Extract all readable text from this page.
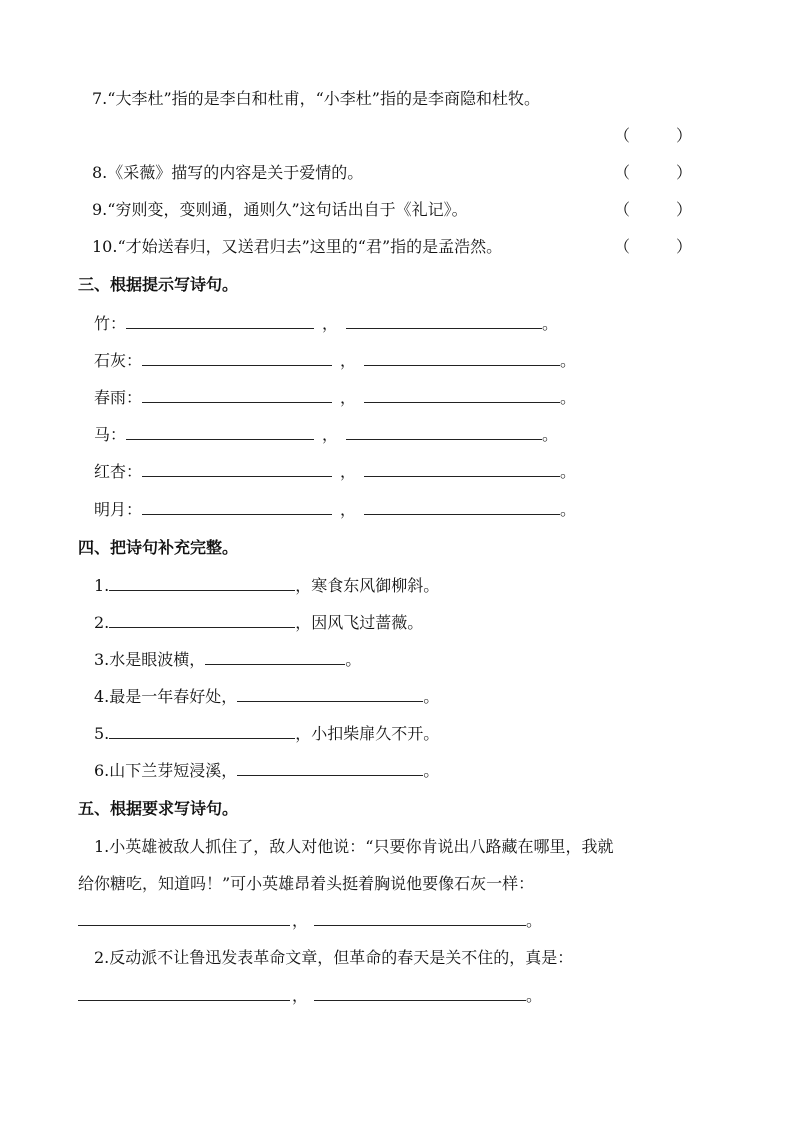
7.“大李杜”指的是李白和杜甫，“小李杜”指的是李商隐和杜牧。
（	）
8.《采薇》描写的内容是关于爱情的。	（	）
9.“穷则变，变则通，通则久”这句话出自于《礼记》。	（	）
10.“才始送春归，又送君归去”这里的“君”指的是孟浩然。	（	）
三、根据提示写诗句。
竹：	，	。
石灰：	，	。
春雨：	，	。
马：	，	。
红杏：	，	。
明月：	，	。
四、把诗句补充完整。
1.	，寒食东风御柳斜。
2.	，因风飞过蔷薇。
3.水是眼波横，	。
4.最是一年春好处，	。
5.	，小扣柴扉久不开。
6.山下兰芽短浸溪，	。
五、根据要求写诗句。
1.小英雄被敌人抓住了，敌人对他说：“只要你肯说出八路藏在哪里，我就
给你糖吃，知道吗！”可小英雄昂着头挺着胸说他要像石灰一样：
，	。
2.反动派不让鲁迅发表革命文章，但革命的春天是关不住的，真是：
，	。
